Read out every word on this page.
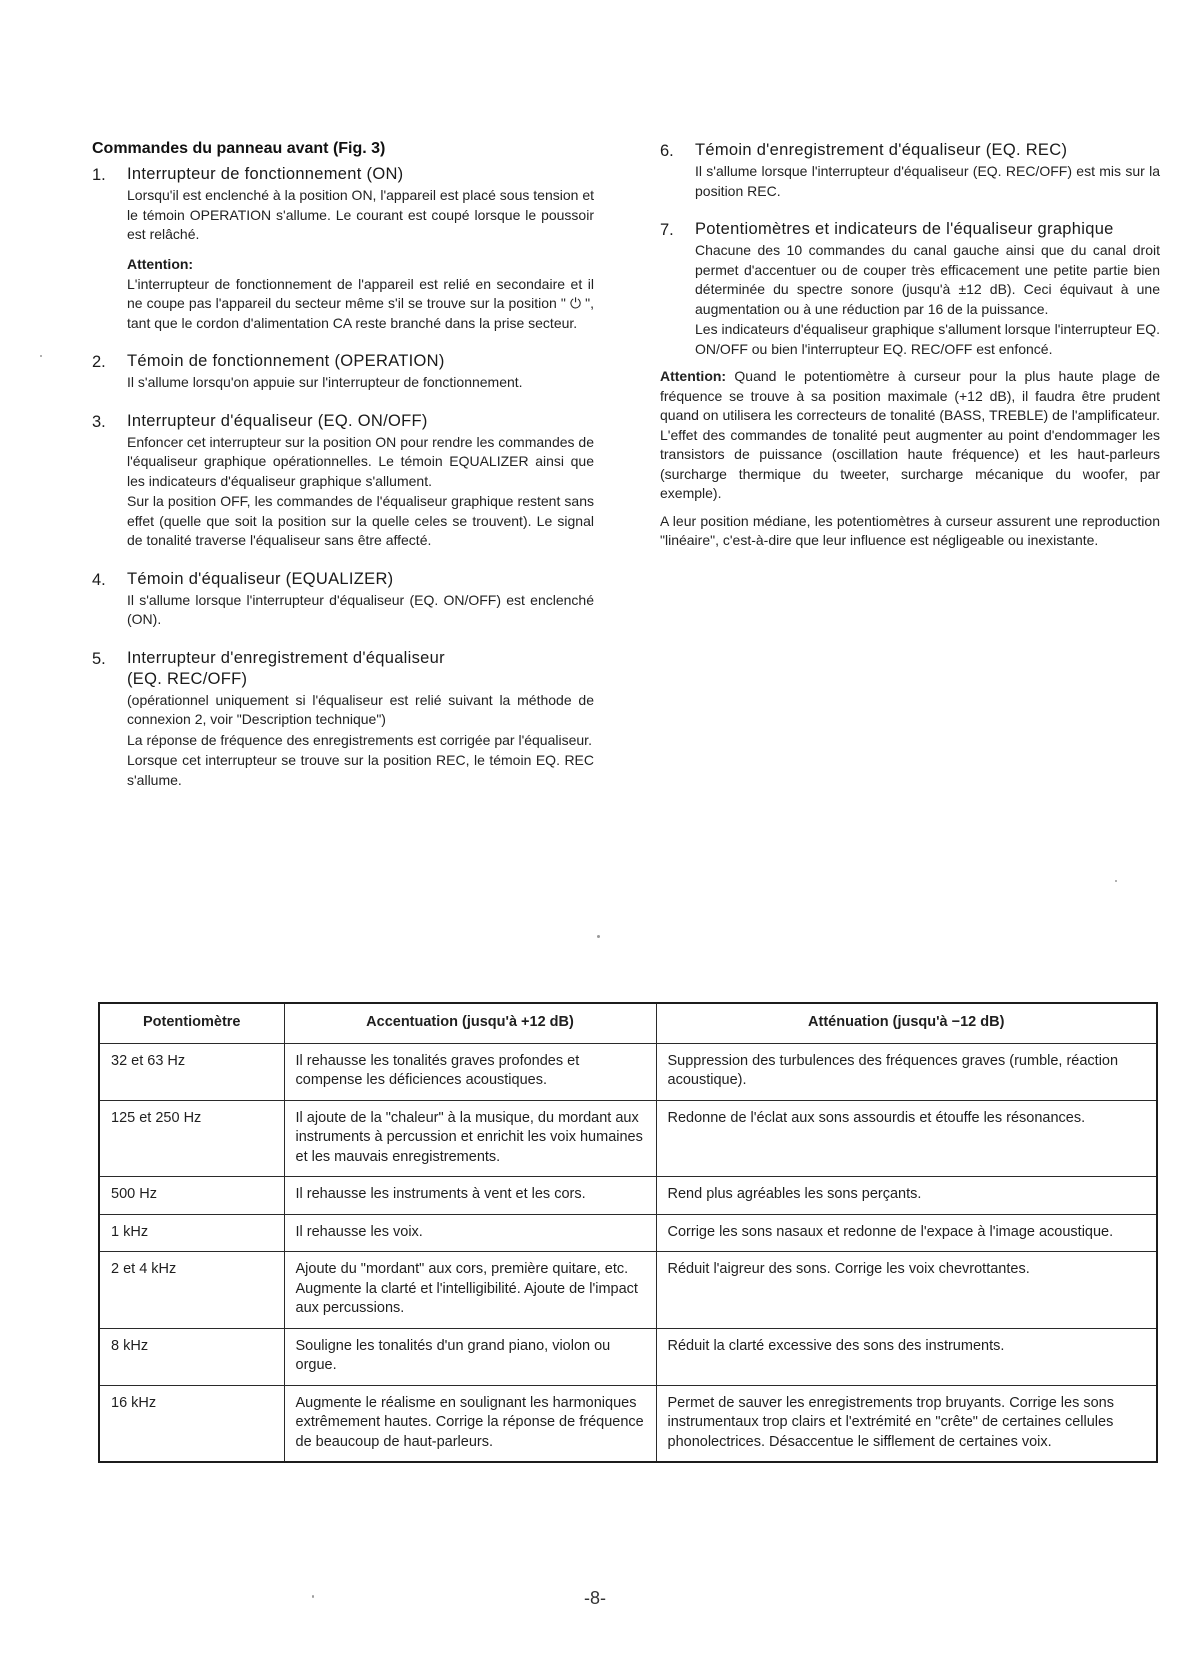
Commandes du panneau avant (Fig. 3)
1.	Interrupteur de fonctionnement (ON)
Lorsqu'il est enclenché à la position ON, l'appareil est placé sous tension et le témoin OPERATION s'allume. Le courant est coupé lorsque le poussoir est relâché.
Attention:
L'interrupteur de fonctionnement de l'appareil est relié en secondaire et il ne coupe pas l'appareil du secteur même s'il se trouve sur la position " ⏻ ", tant que le cordon d'alimentation CA reste branché dans la prise secteur.
2.	Témoin de fonctionnement (OPERATION)
Il s'allume lorsqu'on appuie sur l'interrupteur de fonctionnement.
3.	Interrupteur d'équaliseur (EQ. ON/OFF)
Enfoncer cet interrupteur sur la position ON pour rendre les commandes de l'équaliseur graphique opérationnelles. Le témoin EQUALIZER ainsi que les indicateurs d'équaliseur graphique s'allument.
Sur la position OFF, les commandes de l'équaliseur graphique restent sans effet (quelle que soit la position sur la quelle celes se trouvent). Le signal de tonalité traverse l'équaliseur sans être affecté.
4.	Témoin d'équaliseur (EQUALIZER)
Il s'allume lorsque l'interrupteur d'équaliseur (EQ. ON/OFF) est enclenché (ON).
5.	Interrupteur d'enregistrement d'équaliseur
(EQ. REC/OFF)
(opérationnel uniquement si l'équaliseur est relié suivant la méthode de connexion 2, voir "Description technique")
La réponse de fréquence des enregistrements est corrigée par l'équaliseur.
Lorsque cet interrupteur se trouve sur la position REC, le témoin EQ. REC s'allume.
6.	Témoin d'enregistrement d'équaliseur (EQ. REC)
Il s'allume lorsque l'interrupteur d'équaliseur (EQ. REC/OFF) est mis sur la position REC.
7.	Potentiomètres et indicateurs de l'équaliseur graphique
Chacune des 10 commandes du canal gauche ainsi que du canal droit permet d'accentuer ou de couper très efficacement une petite partie bien déterminée du spectre sonore (jusqu'à ±12 dB). Ceci équivaut à une augmentation ou à une réduction par 16 de la puissance.
Les indicateurs d'équaliseur graphique s'allument lorsque l'interrupteur EQ. ON/OFF ou bien l'interrupteur EQ. REC/OFF est enfoncé.

Attention: Quand le potentiomètre à curseur pour la plus haute plage de fréquence se trouve à sa position maximale (+12 dB), il faudra être prudent quand on utilisera les correcteurs de tonalité (BASS, TREBLE) de l'amplificateur. L'effet des commandes de tonalité peut augmenter au point d'endommager les transistors de puissance (oscillation haute fréquence) et les haut-parleurs (surcharge thermique du tweeter, surcharge mécanique du woofer, par exemple).

A leur position médiane, les potentiomètres à curseur assurent une reproduction "linéaire", c'est-à-dire que leur influence est négligeable ou inexistante.

Potentiomètre	Accentuation (jusqu'à +12 dB)	Atténuation (jusqu'à −12 dB)
32 et 63 Hz	Il rehausse les tonalités graves profondes et compense les déficiences acoustiques.	Suppression des turbulences des fréquences graves (rumble, réaction acoustique).
125 et 250 Hz	Il ajoute de la "chaleur" à la musique, du mordant aux instruments à percussion et enrichit les voix humaines et les mauvais enregistrements.	Redonne de l'éclat aux sons assourdis et étouffe les résonances.
500 Hz	Il rehausse les instruments à vent et les cors.	Rend plus agréables les sons perçants.
1 kHz	Il rehausse les voix.	Corrige les sons nasaux et redonne de l'expace à l'image acoustique.
2 et 4 kHz	Ajoute du "mordant" aux cors, première quitare, etc. Augmente la clarté et l'intelligibilité. Ajoute de l'impact aux percussions.	Réduit l'aigreur des sons. Corrige les voix chevrottantes.
8 kHz	Souligne les tonalités d'un grand piano, violon ou orgue.	Réduit la clarté excessive des sons des instruments.
16 kHz	Augmente le réalisme en soulignant les harmoniques extrêmement hautes. Corrige la réponse de fréquence de beaucoup de haut-parleurs.	Permet de sauver les enregistrements trop bruyants. Corrige les sons instrumentaux trop clairs et l'extrémité en "crête" de certaines cellules phonolectrices. Désaccentue le sifflement de certaines voix.
-8-
